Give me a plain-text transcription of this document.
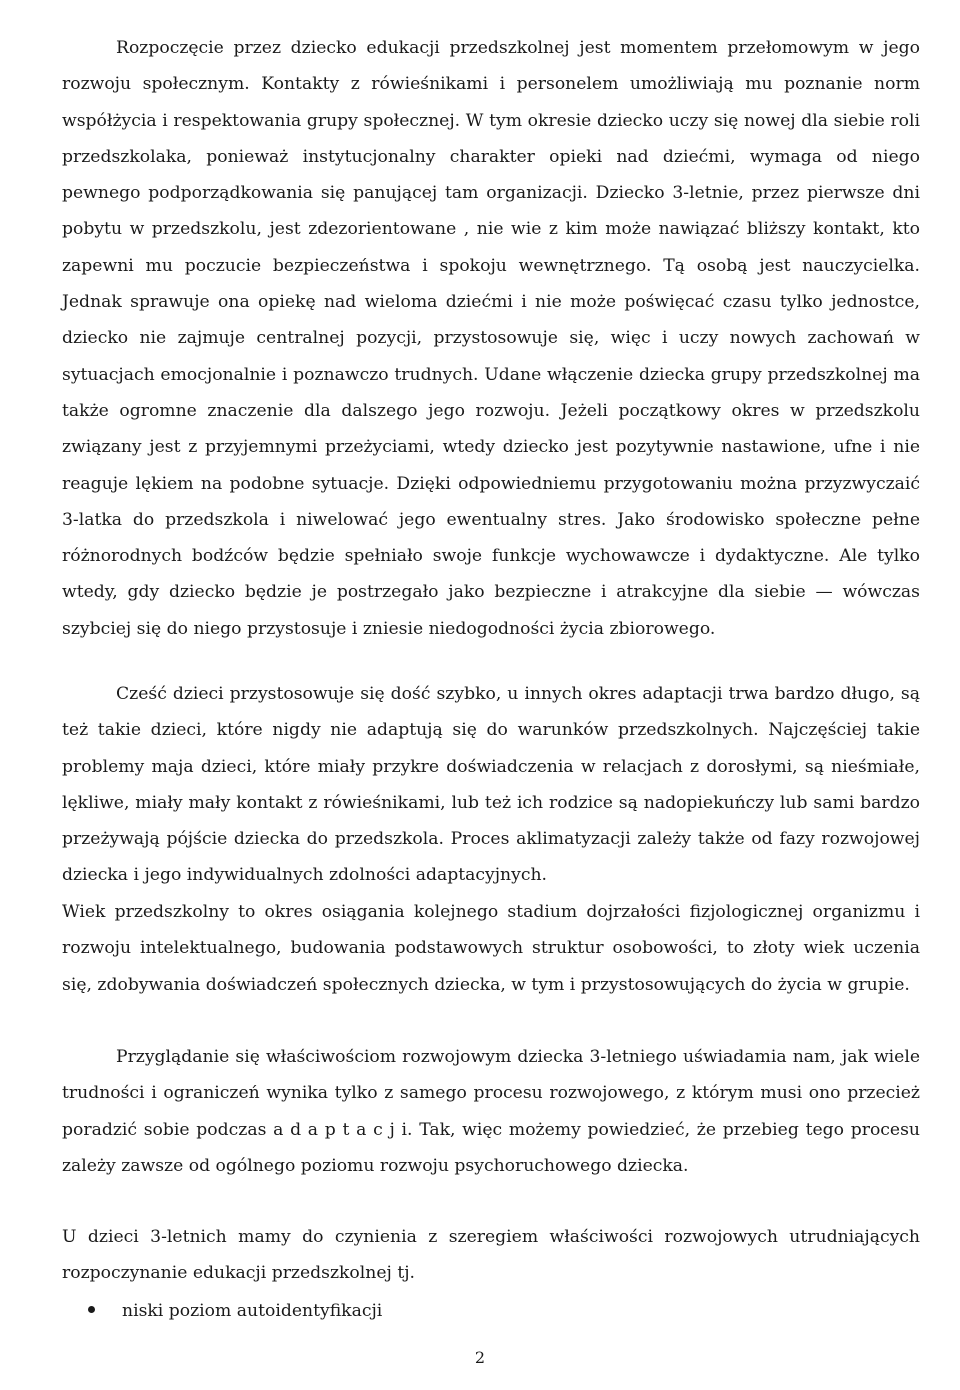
Rozpoczęcie przez dziecko edukacji przedszkolnej jest momentem przełomowym w jego rozwoju społecznym. Kontakty z rówieśnikami i personelem umożliwiają mu poznanie norm współżycia i respektowania grupy społecznej. W tym okresie dziecko uczy się nowej dla siebie roli przedszkolaka, ponieważ instytucjonalny charakter opieki nad dziećmi, wymaga od niego pewnego podporządkowania się panującej tam organizacji. Dziecko 3-letnie, przez pierwsze dni pobytu w przedszkolu, jest zdezorientowane , nie wie z kim może nawiązać bliższy kontakt, kto zapewni mu poczucie bezpieczeństwa i spokoju wewnętrznego. Tą osobą jest nauczycielka. Jednak sprawuje ona opiekę nad wieloma dziećmi i nie może poświęcać czasu tylko jednostce, dziecko nie zajmuje centralnej pozycji, przystosowuje się, więc i uczy nowych zachowań w sytuacjach emocjonalnie i poznawczo trudnych. Udane włączenie dziecka grupy przedszkolnej ma także ogromne znaczenie dla dalszego jego rozwoju. Jeżeli początkowy okres w przedszkolu związany jest z przyjemnymi przeżyciami, wtedy dziecko jest pozytywnie nastawione, ufne i nie reaguje lękiem na podobne sytuacje. Dzięki odpowiedniemu przygotowaniu można przyzwyczaić 3-latka do przedszkola i niwelować jego ewentualny stres. Jako środowisko społeczne pełne różnorodnych bodźców będzie spełniało swoje funkcje wychowawcze i dydaktyczne. Ale tylko wtedy, gdy dziecko będzie je postrzegało jako bezpieczne i atrakcyjne dla siebie — wówczas szybciej się do niego przystosuje i zniesie niedogodności życia zbiorowego.

Cześć dzieci przystosowuje się dość szybko, u innych okres adaptacji trwa bardzo długo, są też takie dzieci, które nigdy nie adaptują się do warunków przedszkolnych. Najczęściej takie problemy maja dzieci, które miały przykre doświadczenia w relacjach z dorosłymi, są nieśmiałe, lękliwe, miały mały kontakt z rówieśnikami, lub też ich rodzice są nadopiekuńczy lub sami bardzo przeżywają pójście dziecka do przedszkola. Proces aklimatyzacji zależy także od fazy rozwojowej dziecka i jego indywidualnych zdolności adaptacyjnych.

Wiek przedszkolny to okres osiągania kolejnego stadium dojrzałości fizjologicznej organizmu i rozwoju intelektualnego, budowania podstawowych struktur osobowości, to złoty wiek uczenia się, zdobywania doświadczeń społecznych dziecka, w tym i przystosowujących do życia w grupie.

Przyglądanie się właściwościom rozwojowym dziecka 3-letniego uświadamia nam, jak wiele trudności i ograniczeń wynika tylko z samego procesu rozwojowego, z którym musi ono przecież poradzić sobie podczas a d a p t a c j i. Tak, więc możemy powiedzieć, że przebieg tego procesu zależy zawsze od ogólnego poziomu rozwoju psychoruchowego dziecka.

U dzieci 3-letnich mamy do czynienia z szeregiem właściwości rozwojowych utrudniających rozpoczynanie edukacji przedszkolnej tj.

niski poziom autoidentyfikacji

2
